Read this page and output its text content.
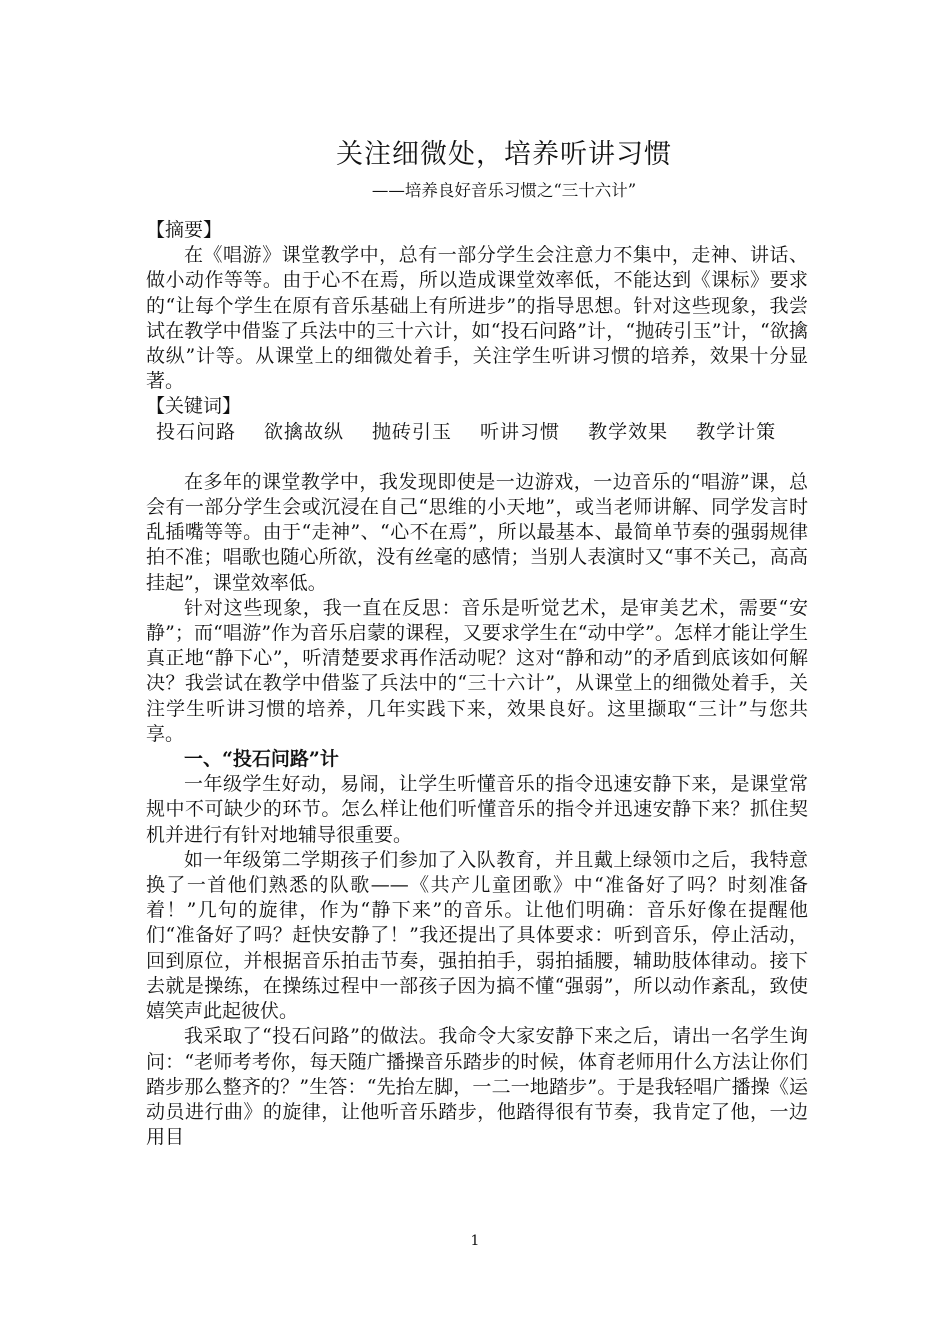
关注细微处，培养听讲习惯
——培养良好音乐习惯之“三十六计”

【摘要】

在《唱游》课堂教学中，总有一部分学生会注意力不集中，走神、讲话、做小动作等等。由于心不在焉，所以造成课堂效率低，不能达到《课标》要求的“让每个学生在原有音乐基础上有所进步”的指导思想。针对这些现象，我尝试在教学中借鉴了兵法中的三十六计，如“投石问路”计，“抛砖引玉”计，“欲擒故纵”计等。从课堂上的细微处着手，关注学生听讲习惯的培养，效果十分显著。

【关键词】

投石问路 欲擒故纵 抛砖引玉 听讲习惯 教学效果 教学计策

在多年的课堂教学中，我发现即使是一边游戏，一边音乐的“唱游”课，总会有一部分学生会或沉浸在自己“思维的小天地”，或当老师讲解、同学发言时乱插嘴等等。由于“走神”、“心不在焉”，所以最基本、最简单节奏的强弱规律拍不准；唱歌也随心所欲，没有丝毫的感情；当别人表演时又“事不关己，高高挂起”，课堂效率低。

针对这些现象，我一直在反思：音乐是听觉艺术，是审美艺术，需要“安静”；而“唱游”作为音乐启蒙的课程，又要求学生在“动中学”。怎样才能让学生真正地“静下心”，听清楚要求再作活动呢？这对“静和动”的矛盾到底该如何解决？我尝试在教学中借鉴了兵法中的“三十六计”，从课堂上的细微处着手，关注学生听讲习惯的培养，几年实践下来，效果良好。这里撷取“三计”与您共享。

一、“投石问路”计

一年级学生好动，易闹，让学生听懂音乐的指令迅速安静下来，是课堂常规中不可缺少的环节。怎么样让他们听懂音乐的指令并迅速安静下来？抓住契机并进行有针对地辅导很重要。

如一年级第二学期孩子们参加了入队教育，并且戴上绿领巾之后，我特意换了一首他们熟悉的队歌——《共产儿童团歌》中“准备好了吗？时刻准备着！”几句的旋律，作为“静下来”的音乐。让他们明确：音乐好像在提醒他们“准备好了吗？赶快安静了！”我还提出了具体要求：听到音乐，停止活动，回到原位，并根据音乐拍击节奏，强拍拍手，弱拍插腰，辅助肢体律动。接下去就是操练，在操练过程中一部孩子因为搞不懂“强弱”，所以动作紊乱，致使嬉笑声此起彼伏。

我采取了“投石问路”的做法。我命令大家安静下来之后，请出一名学生询问：“老师考考你，每天随广播操音乐踏步的时候，体育老师用什么方法让你们踏步那么整齐的？”生答：“先抬左脚，一二一地踏步”。于是我轻唱广播操《运动员进行曲》的旋律，让他听音乐踏步，他踏得很有节奏，我肯定了他，一边用目

1
